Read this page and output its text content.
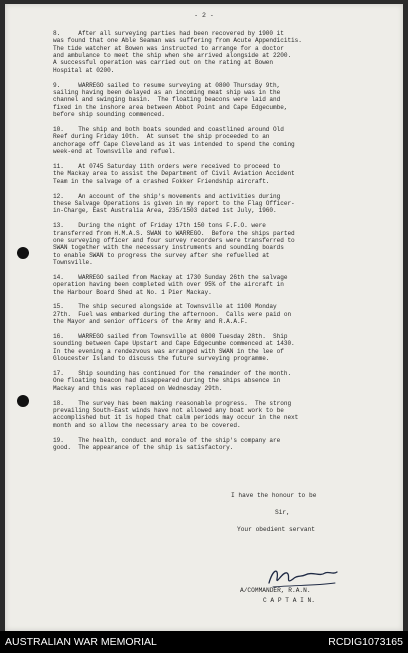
- 2 -
8.     After all surveying parties had been recovered by 1900 it
was found that one Able Seaman was suffering from Acute Appendicitis.
The tide watcher at Bowen was instructed to arrange for a doctor
and ambulance to meet the ship when she arrived alongside at 2200.
A successful operation was carried out on the rating at Bowen
Hospital at 0200.
9.     WARREGO sailed to resume surveying at 0800 Thursday 9th,
sailing having been delayed as an incoming meat ship was in the
channel and swinging basin.  The floating beacons were laid and
fixed in the inshore area between Abbot Point and Cape Edgecumbe,
before ship sounding commenced.
10.    The ship and both boats sounded and coastlined around Old
Reef during Friday 10th.  At sunset the ship proceeded to an
anchorage off Cape Cleveland as it was intended to spend the coming
week-end at Townsville and refuel.
11.    At 0745 Saturday 11th orders were received to proceed to
the Mackay area to assist the Department of Civil Aviation Accident
Team in the salvage of a crashed Fokker Friendship aircraft.
12.    An account of the ship's movements and activities during
these Salvage Operations is given in my report to the Flag Officer-
in-Charge, East Australia Area, 235/1503 dated 1st July, 1960.
13.    During the night of Friday 17th 150 tons F.F.O. were
transferred from H.M.A.S. SWAN to WARREGO.  Before the ships parted
one surveying officer and four survey recorders were transferred to
SWAN together with the necessary instruments and sounding boards
to enable SWAN to progress the survey after she refuelled at
Townsville.
14.    WARREGO sailed from Mackay at 1730 Sunday 26th the salvage
operation having been completed with over 95% of the aircraft in
the Harbour Board Shed at No. 1 Pier Mackay.
15.    The ship secured alongside at Townsville at 1100 Monday
27th.  Fuel was embarked during the afternoon.  Calls were paid on
the Mayor and senior officers of the Army and R.A.A.F.
16.    WARREGO sailed from Townsville at 0800 Tuesday 28th.  Ship
sounding between Cape Upstart and Cape Edgecumbe commenced at 1430.
In the evening a rendezvous was arranged with SWAN in the lee of
Gloucester Island to discuss the future surveying programme.
17.    Ship sounding has continued for the remainder of the month.
One floating beacon had disappeared during the ships absence in
Mackay and this was replaced on Wednesday 29th.
18.    The survey has been making reasonable progress.  The strong
prevailing South-East winds have not allowed any boat work to be
accomplished but it is hoped that calm periods may occur in the next
month and so allow the necessary area to be covered.
19.    The health, conduct and morale of the ship's company are
good.  The appearance of the ship is satisfactory.
I have the honour to be
Sir,
Your obedient servant
A/COMMANDER, R.A.N.
C A P T A I N.
AUSTRALIAN WAR MEMORIAL	RCDIG1073165
